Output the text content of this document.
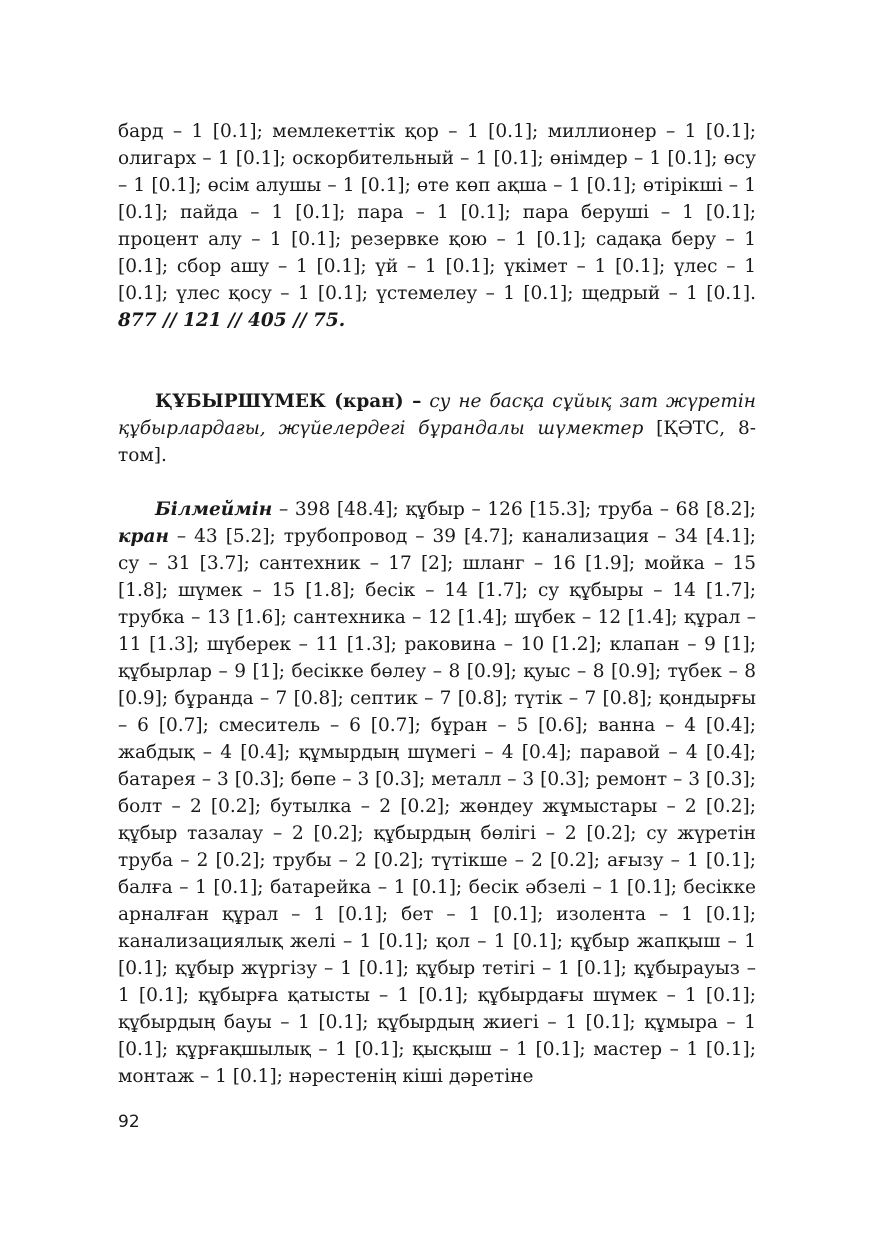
бард – 1 [0.1]; мемлекеттік қор – 1 [0.1]; миллионер – 1 [0.1]; олигарх – 1 [0.1]; оскорбительный – 1 [0.1]; өнімдер – 1 [0.1]; өсу – 1 [0.1]; өсім алушы – 1 [0.1]; өте көп ақша – 1 [0.1]; өтірікші – 1 [0.1]; пайда – 1 [0.1]; пара – 1 [0.1]; пара беруші – 1 [0.1]; процент алу – 1 [0.1]; резервке қою – 1 [0.1]; садақа беру – 1 [0.1]; сбор ашу – 1 [0.1]; үй – 1 [0.1]; үкімет – 1 [0.1]; үлес – 1 [0.1]; үлес қосу – 1 [0.1]; үстемелеу – 1 [0.1]; щедрый – 1 [0.1]. 877 // 121 // 405 // 75.

ҚҰБЫРШҮМЕК (кран) – су не басқа сұйық зат жүретін құбырлардағы, жүйелердегі бұрандалы шүмектер [ҚӘТС, 8-том].

Білмеймін – 398 [48.4]; құбыр – 126 [15.3]; труба – 68 [8.2]; кран – 43 [5.2]; трубопровод – 39 [4.7]; канализация – 34 [4.1]; су – 31 [3.7]; сантехник – 17 [2]; шланг – 16 [1.9]; мойка – 15 [1.8]; шүмек – 15 [1.8]; бесік – 14 [1.7]; су құбыры – 14 [1.7]; трубка – 13 [1.6]; сантехника – 12 [1.4]; шүбек – 12 [1.4]; құрал – 11 [1.3]; шүберек – 11 [1.3]; раковина – 10 [1.2]; клапан – 9 [1]; құбырлар – 9 [1]; бесікке бөлеу – 8 [0.9]; қуыс – 8 [0.9]; түбек – 8 [0.9]; бұранда – 7 [0.8]; септик – 7 [0.8]; түтік – 7 [0.8]; қондырғы – 6 [0.7]; смеситель – 6 [0.7]; бұран – 5 [0.6]; ванна – 4 [0.4]; жабдық – 4 [0.4]; құмырдың шүмегі – 4 [0.4]; паравой – 4 [0.4]; батарея – 3 [0.3]; бөпе – 3 [0.3]; металл – 3 [0.3]; ремонт – 3 [0.3]; болт – 2 [0.2]; бутылка – 2 [0.2]; жөндеу жұмыстары – 2 [0.2]; құбыр тазалау – 2 [0.2]; құбырдың бөлігі – 2 [0.2]; су жүретін труба – 2 [0.2]; трубы – 2 [0.2]; түтікше – 2 [0.2]; ағызу – 1 [0.1]; балға – 1 [0.1]; батарейка – 1 [0.1]; бесік әбзелі – 1 [0.1]; бесікке арналған құрал – 1 [0.1]; бет – 1 [0.1]; изолента – 1 [0.1]; канализациялық желі – 1 [0.1]; қол – 1 [0.1]; құбыр жапқыш – 1 [0.1]; құбыр жүргізу – 1 [0.1]; құбыр тетігі – 1 [0.1]; құбырауыз – 1 [0.1]; құбырға қатысты – 1 [0.1]; құбырдағы шүмек – 1 [0.1]; құбырдың бауы – 1 [0.1]; құбырдың жиегі – 1 [0.1]; құмыра – 1 [0.1]; құрғақшылық – 1 [0.1]; қысқыш – 1 [0.1]; мастер – 1 [0.1]; монтаж – 1 [0.1]; нәрестенің кіші дәретіне

92
